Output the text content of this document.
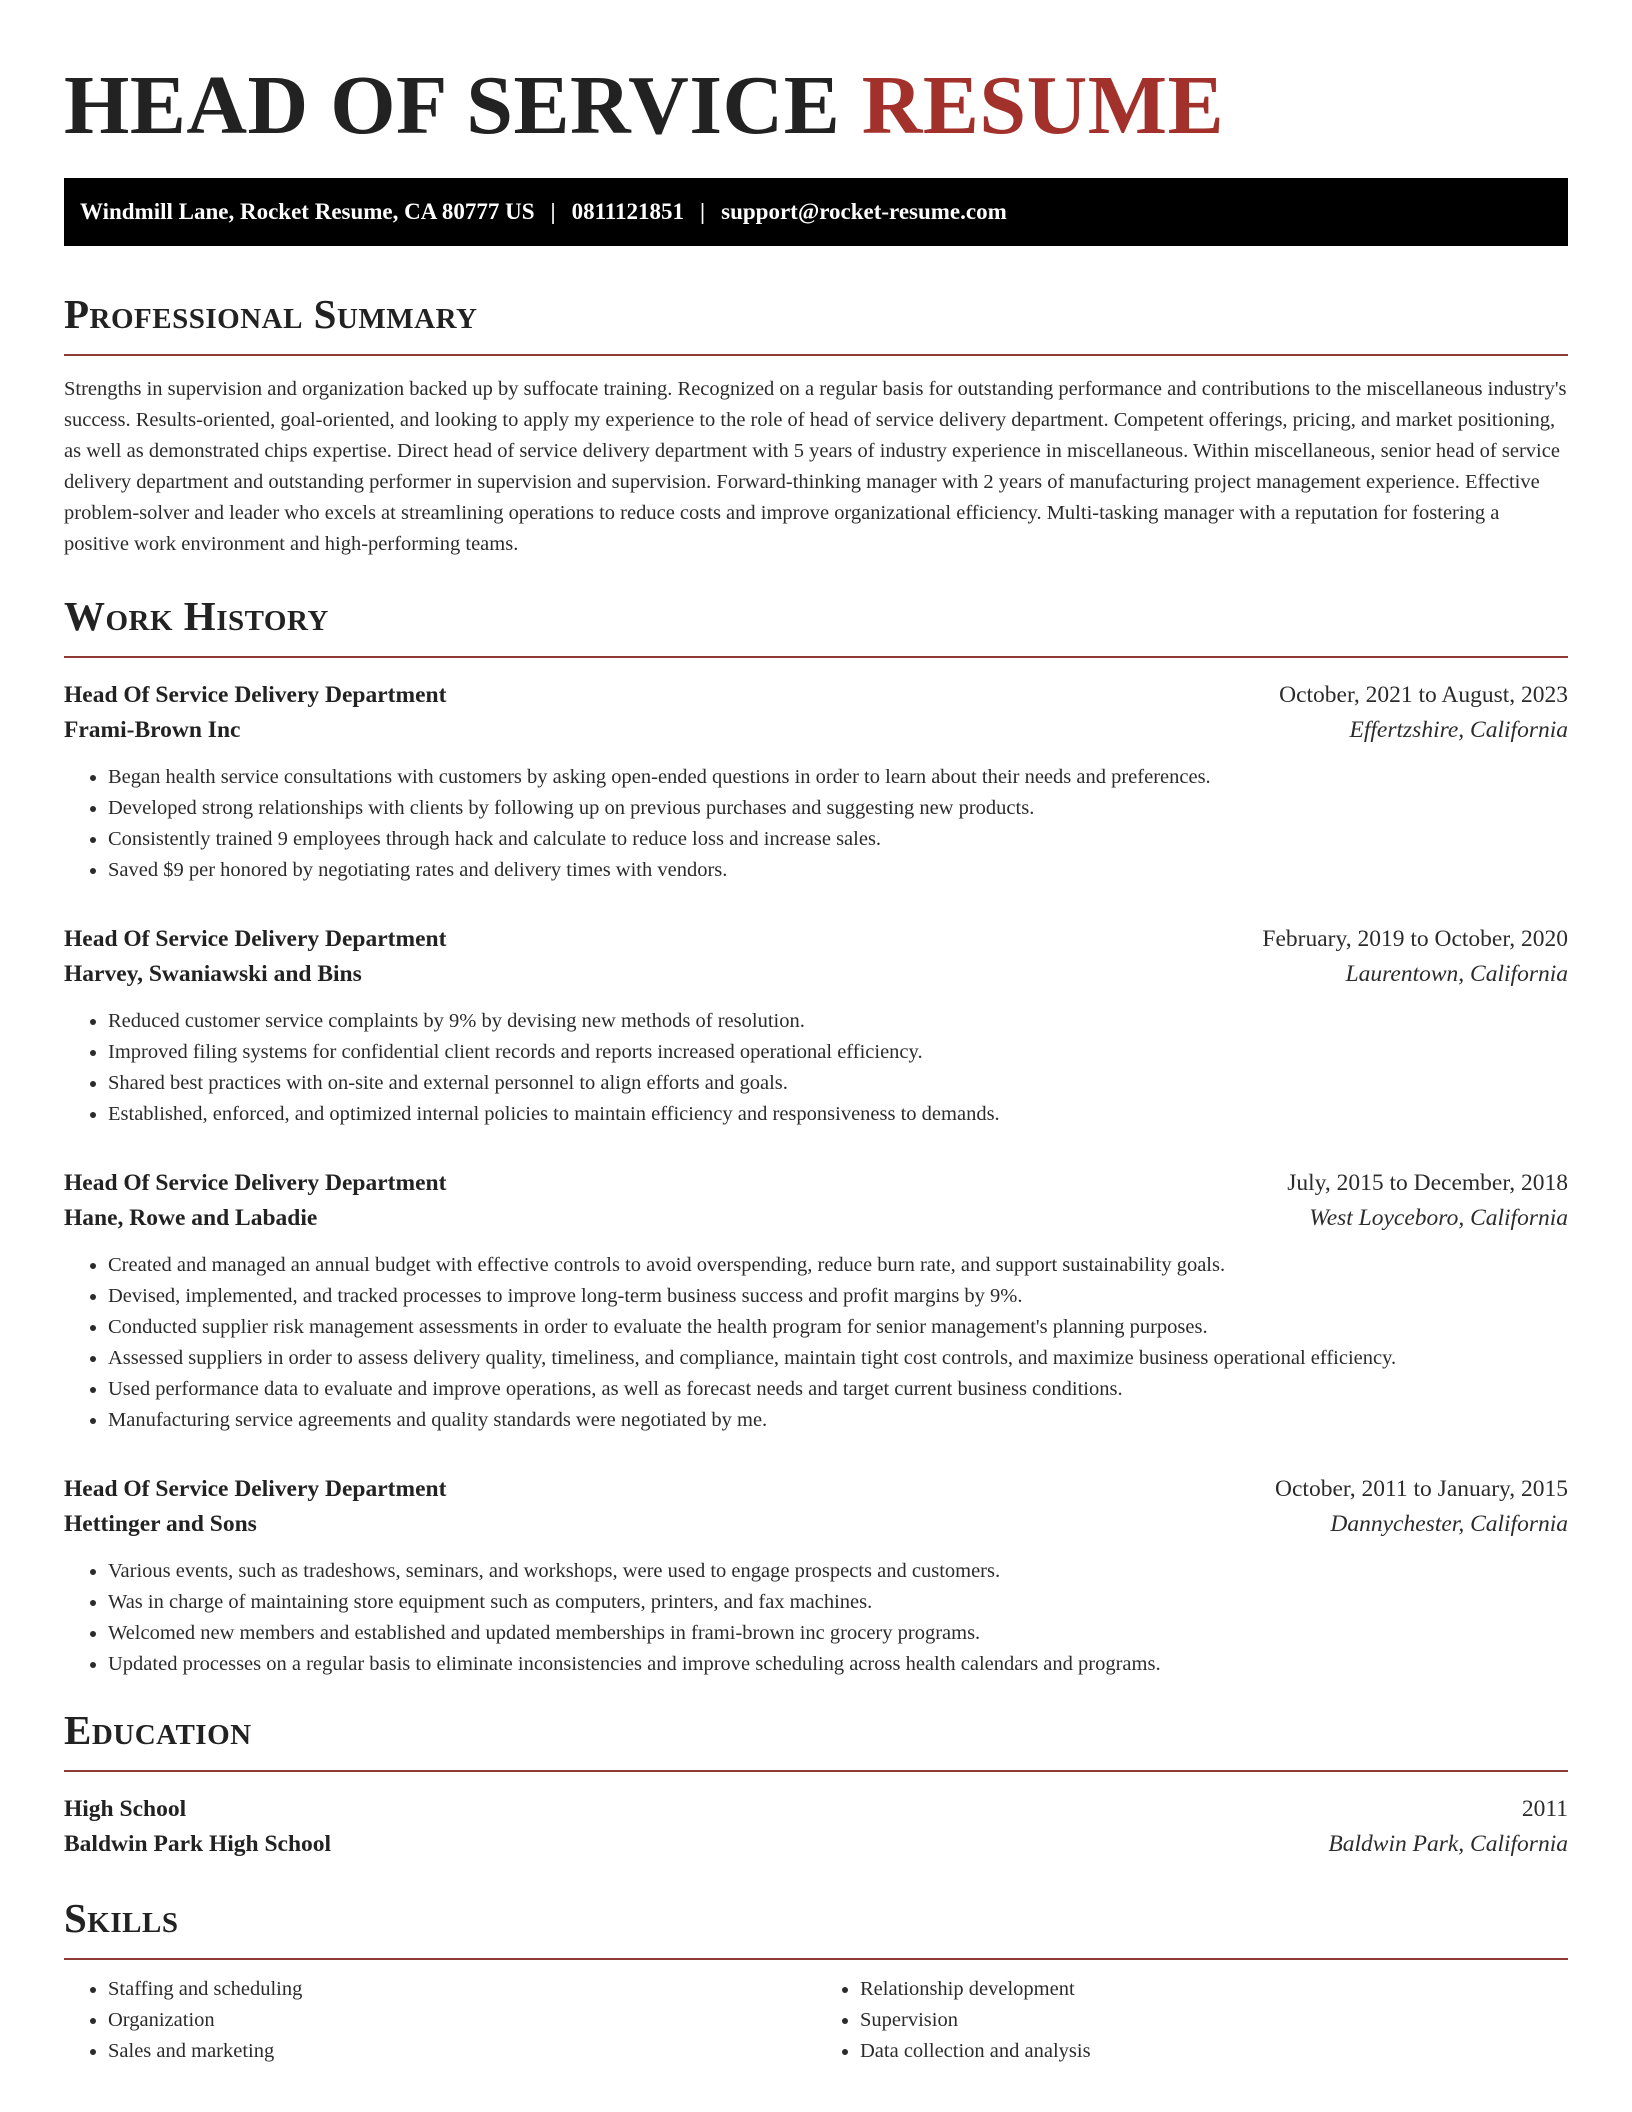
HEAD OF SERVICE RESUME
Windmill Lane, Rocket Resume, CA 80777 US | 0811121851 | support@rocket-resume.com
Professional Summary

Strengths in supervision and organization backed up by suffocate training. Recognized on a regular basis for outstanding performance and contributions to the miscellaneous industry's success. Results-oriented, goal-oriented, and looking to apply my experience to the role of head of service delivery department. Competent offerings, pricing, and market positioning, as well as demonstrated chips expertise. Direct head of service delivery department with 5 years of industry experience in miscellaneous. Within miscellaneous, senior head of service delivery department and outstanding performer in supervision and supervision. Forward-thinking manager with 2 years of manufacturing project management experience. Effective problem-solver and leader who excels at streamlining operations to reduce costs and improve organizational efficiency. Multi-tasking manager with a reputation for fostering a positive work environment and high-performing teams.

Work History
Head Of Service Delivery Department	October, 2021 to August, 2023
Frami-Brown Inc	Effertzshire, California
• Began health service consultations with customers by asking open-ended questions in order to learn about their needs and preferences.
• Developed strong relationships with clients by following up on previous purchases and suggesting new products.
• Consistently trained 9 employees through hack and calculate to reduce loss and increase sales.
• Saved $9 per honored by negotiating rates and delivery times with vendors.
Head Of Service Delivery Department	February, 2019 to October, 2020
Harvey, Swaniawski and Bins	Laurentown, California
• Reduced customer service complaints by 9% by devising new methods of resolution.
• Improved filing systems for confidential client records and reports increased operational efficiency.
• Shared best practices with on-site and external personnel to align efforts and goals.
• Established, enforced, and optimized internal policies to maintain efficiency and responsiveness to demands.
Head Of Service Delivery Department	July, 2015 to December, 2018
Hane, Rowe and Labadie	West Loyceboro, California
• Created and managed an annual budget with effective controls to avoid overspending, reduce burn rate, and support sustainability goals.
• Devised, implemented, and tracked processes to improve long-term business success and profit margins by 9%.
• Conducted supplier risk management assessments in order to evaluate the health program for senior management's planning purposes.
• Assessed suppliers in order to assess delivery quality, timeliness, and compliance, maintain tight cost controls, and maximize business operational efficiency.
• Used performance data to evaluate and improve operations, as well as forecast needs and target current business conditions.
• Manufacturing service agreements and quality standards were negotiated by me.
Head Of Service Delivery Department	October, 2011 to January, 2015
Hettinger and Sons	Dannychester, California
• Various events, such as tradeshows, seminars, and workshops, were used to engage prospects and customers.
• Was in charge of maintaining store equipment such as computers, printers, and fax machines.
• Welcomed new members and established and updated memberships in frami-brown inc grocery programs.
• Updated processes on a regular basis to eliminate inconsistencies and improve scheduling across health calendars and programs.
Education
High School	2011
Baldwin Park High School	Baldwin Park, California
Skills
• Staffing and scheduling
• Organization
• Sales and marketing
• Relationship development
• Supervision
• Data collection and analysis
